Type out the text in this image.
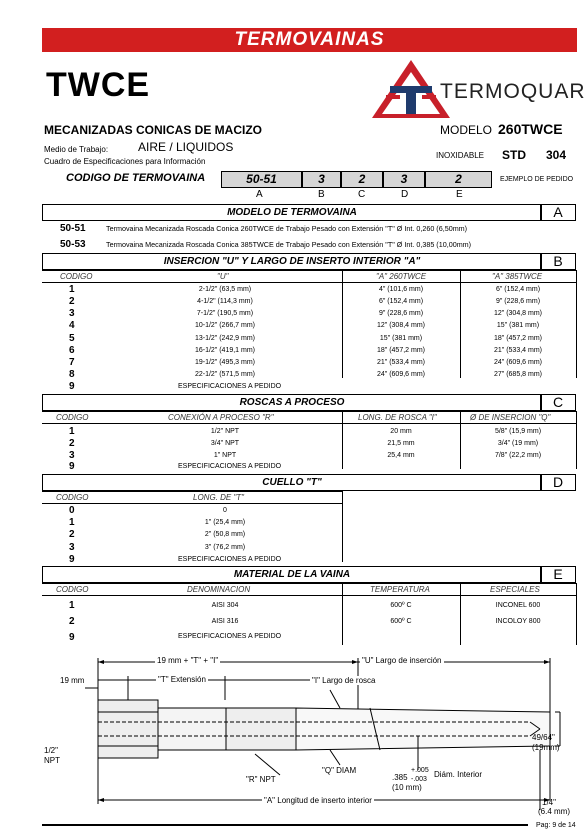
TERMOVAINAS
TWCE	TERMOQUAR
MECANIZADAS CONICAS DE MACIZO
Medio de Trabajo: AIRE / LIQUIDOS
Cuadro de Especificaciones para Información
MODELO 260TWCE
INOXIDABLE STD 304
CODIGO DE TERMOVAINA	50-51	3	2	3	2	EJEMPLO DE PEDIDO
A	B	C	D	E
MODELO DE TERMOVAINA	A
50-51	Termovaina Mecanizada Roscada Conica 260TWCE de Trabajo Pesado con Extensión "T" Ø Int. 0,260 (6,50mm)
50-53	Termovaina Mecanizada Roscada Conica 385TWCE de Trabajo Pesado con Extensión "T" Ø Int. 0,385 (10,00mm)
INSERCION "U" Y LARGO DE INSERTO INTERIOR "A"	B
CODIGO	"U"	"A" 260TWCE	"A" 385TWCE
1	2-1/2" (63,5 mm)	4" (101,6 mm)	6" (152,4 mm)
2	4-1/2" (114,3 mm)	6" (152,4 mm)	9" (228,6 mm)
3	7-1/2" (190,5 mm)	9" (228,6 mm)	12" (304,8 mm)
4	10-1/2" (266,7 mm)	12" (308,4 mm)	15" (381 mm)
5	13-1/2" (242,9 mm)	15" (381 mm)	18" (457,2 mm)
6	16-1/2" (419,1 mm)	18" (457,2 mm)	21" (533,4 mm)
7	19-1/2" (495,3 mm)	21" (533,4 mm)	24" (609,6 mm)
8	22-1/2" (571,5 mm)	24" (609,6 mm)	27" (685,8 mm)
9	ESPECIFICACIONES A PEDIDO
ROSCAS A PROCESO	C
CODIGO	CONEXIÓN A PROCESO "R"	LONG. DE ROSCA "I"	Ø DE INSERCION "Q"
1	1/2" NPT	20 mm	5/8" (15,9 mm)
2	3/4" NPT	21,5 mm	3/4" (19 mm)
3	1" NPT	25,4 mm	7/8" (22,2 mm)
9	ESPECIFICACIONES A PEDIDO
CUELLO "T"	D
CODIGO	LONG. DE "T"
0	0
1	1" (25,4 mm)
2	2" (50,8 mm)
3	3" (76,2 mm)
9	ESPECIFICACIONES A PEDIDO
MATERIAL DE LA VAINA	E
CODIGO	DENOMINACION	TEMPERATURA	ESPECIALES
1	AISI 304	600º C	INCONEL 600
2	AISI 316	600º C	INCOLOY 800
9	ESPECIFICACIONES A PEDIDO
19 mm + "T" + "I"	"U" Largo de inserción
19 mm	"T" Extensión	"I" Largo de rosca
1/2"
NPT
"R" NPT
"Q" DIAM
.385
+.005
-.003
Diám. Interior
(10 mm)
49/64"
(19mm)
"A" Longitud de inserto interior	1/4"
(6.4 mm)
Pag: 9 de 14
